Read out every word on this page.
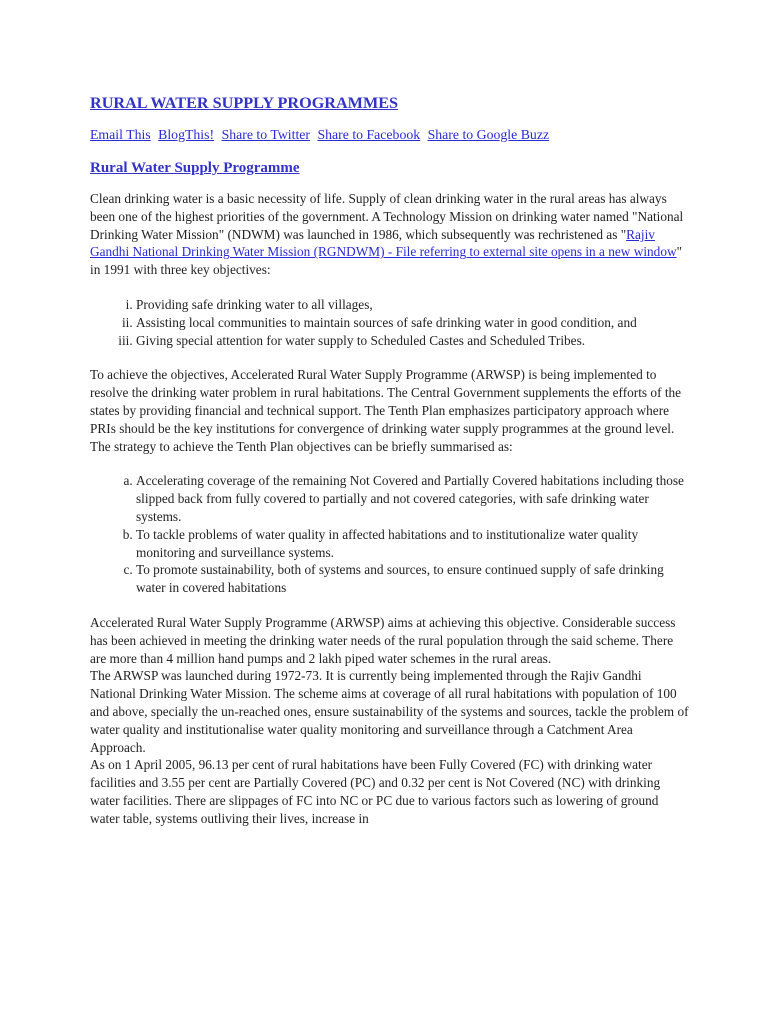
RURAL WATER SUPPLY PROGRAMMES
Email This BlogThis! Share to Twitter Share to Facebook Share to Google Buzz
Rural Water Supply Programme

Clean drinking water is a basic necessity of life. Supply of clean drinking water in the rural areas has always been one of the highest priorities of the government. A Technology Mission on drinking water named "National Drinking Water Mission" (NDWM) was launched in 1986, which subsequently was rechristened as "Rajiv Gandhi National Drinking Water Mission (RGNDWM) - File referring to external site opens in a new window" in 1991 with three key objectives:

i. Providing safe drinking water to all villages,
ii. Assisting local communities to maintain sources of safe drinking water in good condition, and
iii. Giving special attention for water supply to Scheduled Castes and Scheduled Tribes.

To achieve the objectives, Accelerated Rural Water Supply Programme (ARWSP) is being implemented to resolve the drinking water problem in rural habitations. The Central Government supplements the efforts of the states by providing financial and technical support. The Tenth Plan emphasizes participatory approach where PRIs should be the key institutions for convergence of drinking water supply programmes at the ground level. The strategy to achieve the Tenth Plan objectives can be briefly summarised as:

a. Accelerating coverage of the remaining Not Covered and Partially Covered habitations including those slipped back from fully covered to partially and not covered categories, with safe drinking water systems.
b. To tackle problems of water quality in affected habitations and to institutionalize water quality monitoring and surveillance systems.
c. To promote sustainability, both of systems and sources, to ensure continued supply of safe drinking water in covered habitations

Accelerated Rural Water Supply Programme (ARWSP) aims at achieving this objective. Considerable success has been achieved in meeting the drinking water needs of the rural population through the said scheme. There are more than 4 million hand pumps and 2 lakh piped water schemes in the rural areas.

The ARWSP was launched during 1972-73. It is currently being implemented through the Rajiv Gandhi National Drinking Water Mission. The scheme aims at coverage of all rural habitations with population of 100 and above, specially the un-reached ones, ensure sustainability of the systems and sources, tackle the problem of water quality and institutionalise water quality monitoring and surveillance through a Catchment Area Approach.

As on 1 April 2005, 96.13 per cent of rural habitations have been Fully Covered (FC) with drinking water facilities and 3.55 per cent are Partially Covered (PC) and 0.32 per cent is Not Covered (NC) with drinking water facilities. There are slippages of FC into NC or PC due to various factors such as lowering of ground water table, systems outliving their lives, increase in
